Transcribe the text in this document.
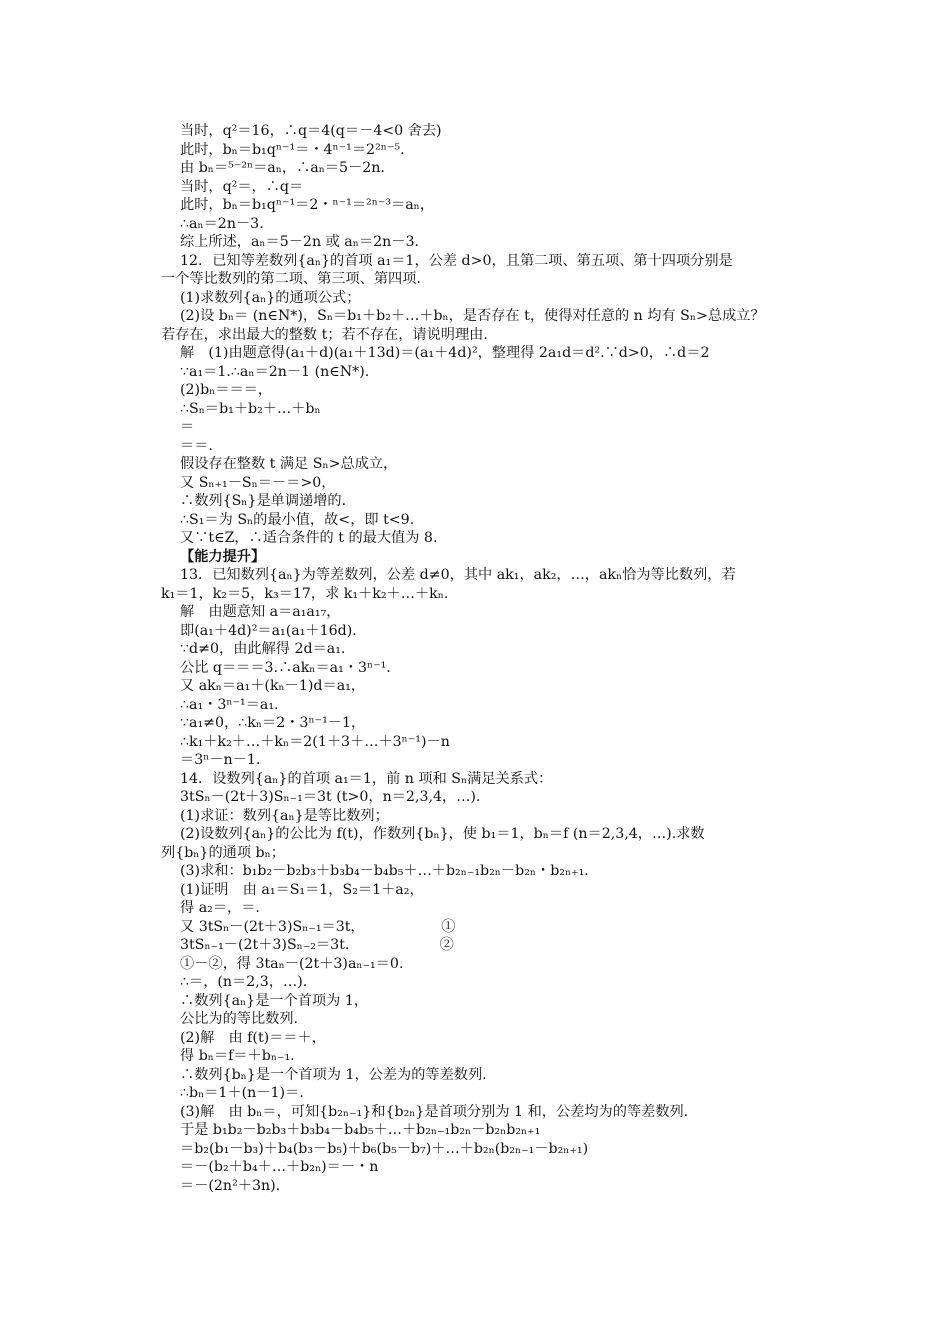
当时，q²＝16，∴q＝4(q＝－4<0 舍去)
此时，bₙ＝b₁qⁿ⁻¹＝・4ⁿ⁻¹＝2²ⁿ⁻⁵.
由 bₙ＝⁵⁻²ⁿ＝aₙ，∴aₙ＝5－2n.
当时，q²＝，∴q＝
此时，bₙ＝b₁qⁿ⁻¹＝2・ⁿ⁻¹＝²ⁿ⁻³＝aₙ，
∴aₙ＝2n－3.
综上所述，aₙ＝5－2n 或 aₙ＝2n－3.
12．已知等差数列{aₙ}的首项 a₁＝1，公差 d>0，且第二项、第五项、第十四项分别是
一个等比数列的第二项、第三项、第四项.
(1)求数列{aₙ}的通项公式；
(2)设 bₙ＝ (n∈N*)，Sₙ＝b₁＋b₂＋…＋bₙ，是否存在 t，使得对任意的 n 均有 Sₙ>总成立？
若存在，求出最大的整数 t；若不存在，请说明理由.
解　(1)由题意得(a₁＋d)(a₁＋13d)＝(a₁＋4d)²，整理得 2a₁d＝d².∵d>0，∴d＝2
∵a₁＝1.∴aₙ＝2n－1 (n∈N*).
(2)bₙ＝＝＝，
∴Sₙ＝b₁＋b₂＋…＋bₙ
＝
＝＝.
假设存在整数 t 满足 Sₙ>总成立，
又 Sₙ₊₁－Sₙ＝－＝>0，
∴数列{Sₙ}是单调递增的.
∴S₁＝为 Sₙ的最小值，故<，即 t<9.
又∵t∈Z，∴适合条件的 t 的最大值为 8.
【能力提升】
13．已知数列{aₙ}为等差数列，公差 d≠0，其中 ak₁，ak₂，…，akₙ恰为等比数列，若
k₁＝1，k₂＝5，k₃＝17，求 k₁＋k₂＋…＋kₙ.
解　由题意知 a＝a₁a₁₇，
即(a₁＋4d)²＝a₁(a₁＋16d).
∵d≠0，由此解得 2d＝a₁.
公比 q＝＝＝3.∴akₙ＝a₁・3ⁿ⁻¹.
又 akₙ＝a₁＋(kₙ－1)d＝a₁，
∴a₁・3ⁿ⁻¹＝a₁.
∵a₁≠0，∴kₙ＝2・3ⁿ⁻¹－1，
∴k₁＋k₂＋…＋kₙ＝2(1＋3＋…＋3ⁿ⁻¹)－n
＝3ⁿ－n－1.
14．设数列{aₙ}的首项 a₁＝1，前 n 项和 Sₙ满足关系式：
3tSₙ－(2t＋3)Sₙ₋₁＝3t (t>0，n＝2,3,4，…).
(1)求证：数列{aₙ}是等比数列；
(2)设数列{aₙ}的公比为 f(t)，作数列{bₙ}，使 b₁＝1，bₙ＝f (n＝2,3,4，…).求数
列{bₙ}的通项 bₙ；
(3)求和：b₁b₂－b₂b₃＋b₃b₄－b₄b₅＋…＋b₂ₙ₋₁b₂ₙ－b₂ₙ・b₂ₙ₊₁.
(1)证明　由 a₁＝S₁＝1，S₂＝1＋a₂，
得 a₂＝，＝.
又 3tSₙ－(2t＋3)Sₙ₋₁＝3t，                 ①
3tSₙ₋₁－(2t＋3)Sₙ₋₂＝3t.                    ②
①－②，得 3taₙ－(2t＋3)aₙ₋₁＝0.
∴＝，(n＝2,3，…).
∴数列{aₙ}是一个首项为 1，
公比为的等比数列.
(2)解　由 f(t)＝＝＋，
得 bₙ＝f＝＋bₙ₋₁.
∴数列{bₙ}是一个首项为 1，公差为的等差数列.
∴bₙ＝1＋(n－1)＝.
(3)解　由 bₙ＝，可知{b₂ₙ₋₁}和{b₂ₙ}是首项分别为 1 和，公差均为的等差数列.
于是 b₁b₂－b₂b₃＋b₃b₄－b₄b₅＋…＋b₂ₙ₋₁b₂ₙ－b₂ₙb₂ₙ₊₁
＝b₂(b₁－b₃)＋b₄(b₃－b₅)＋b₆(b₅－b₇)＋…＋b₂ₙ(b₂ₙ₋₁－b₂ₙ₊₁)
＝－(b₂＋b₄＋…＋b₂ₙ)＝－・n
＝－(2n²＋3n).
